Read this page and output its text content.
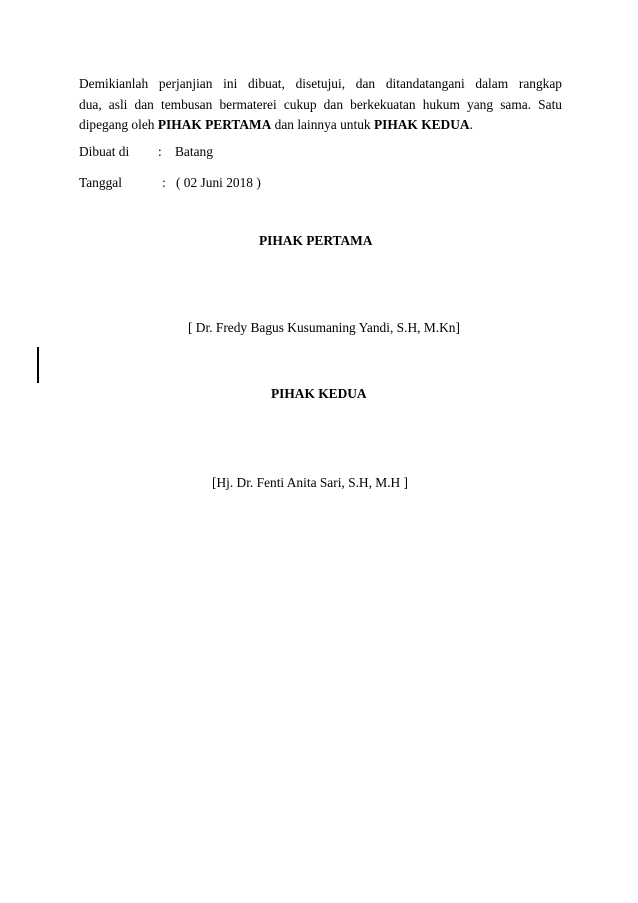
Demikianlah perjanjian ini dibuat, disetujui, dan ditandatangani dalam rangkap
dua, asli dan tembusan bermaterei cukup dan berkekuatan hukum yang sama. Satu
dipegang oleh PIHAK PERTAMA dan lainnya untuk PIHAK KEDUA.
Dibuat di : Batang
Tanggal	: ( 02 Juni 2018 )
PIHAK PERTAMA
[ Dr. Fredy Bagus Kusumaning Yandi, S.H, M.Kn]
PIHAK KEDUA
[Hj. Dr. Fenti Anita Sari, S.H, M.H ]
